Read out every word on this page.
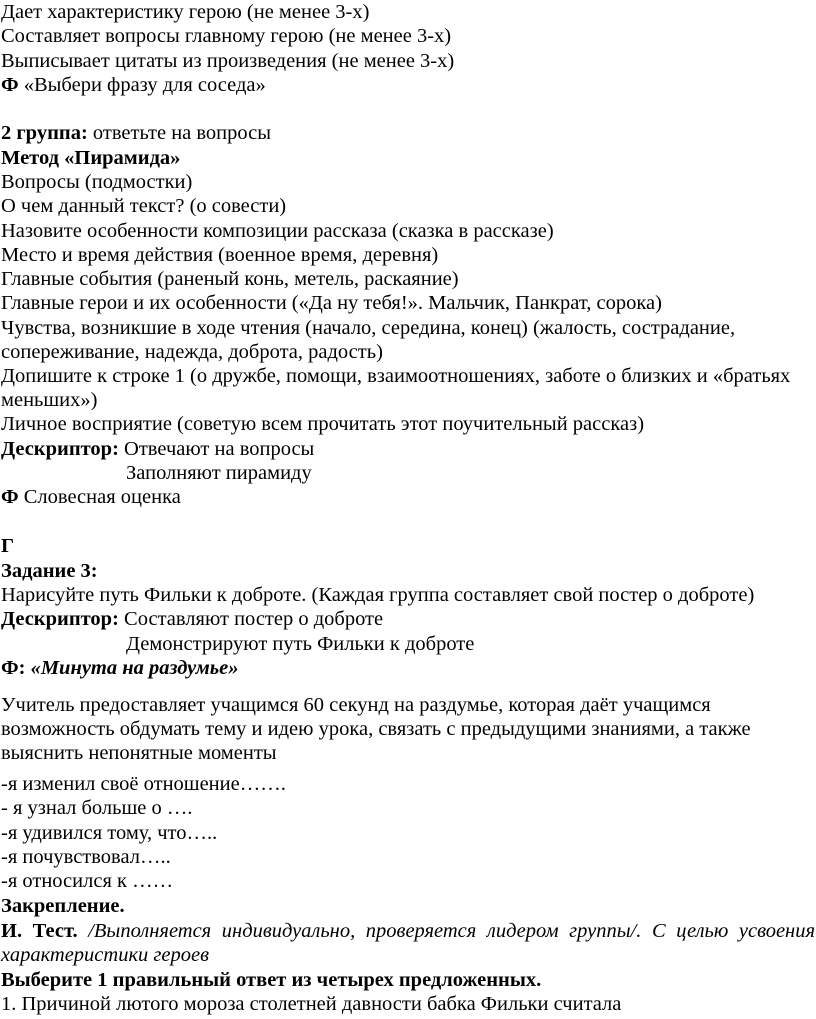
Дает характеристику герою (не менее 3-х)
Составляет вопросы главному герою (не менее 3-х)
Выписывает цитаты из произведения (не менее 3-х)
Ф «Выбери фразу для соседа»
2 группа: ответьте на вопросы
Метод «Пирамида»
Вопросы (подмостки)
О чем данный текст? (о совести)
Назовите особенности композиции рассказа (сказка в рассказе)
Место и время действия (военное время, деревня)
Главные события (раненый конь, метель, раскаяние)
Главные герои и их особенности («Да ну тебя!». Мальчик, Панкрат, сорока)
Чувства, возникшие в ходе чтения (начало, середина, конец) (жалость, сострадание,
сопереживание, надежда, доброта, радость)
Допишите к строке 1 (о дружбе, помощи, взаимоотношениях, заботе о близких и «братьях
меньших»)
Личное восприятие (советую всем прочитать этот поучительный рассказ)
Дескриптор: Отвечают на вопросы
Заполняют пирамиду
Ф Словесная оценка
Г
Задание 3:
Нарисуйте путь Фильки к доброте. (Каждая группа составляет свой постер о доброте)
Дескриптор: Составляют постер о доброте
Демонстрируют путь Фильки к доброте
Ф: «Минута на раздумье»
Учитель предоставляет учащимся 60 секунд на раздумье, которая даёт учащимся
возможность обдумать тему и идею урока, связать с предыдущими знаниями, а также
выяснить непонятные моменты
-я изменил своё отношение…….
- я узнал больше о ….
-я удивился тому, что…..
-я почувствовал…..
-я относился к ……
Закрепление.
И. Тест. /Выполняется индивидуально, проверяется лидером группы/. С целью усвоения
характеристики героев
Выберите 1 правильный ответ из четырех предложенных.
1. Причиной лютого мороза столетней давности бабка Фильки считала
